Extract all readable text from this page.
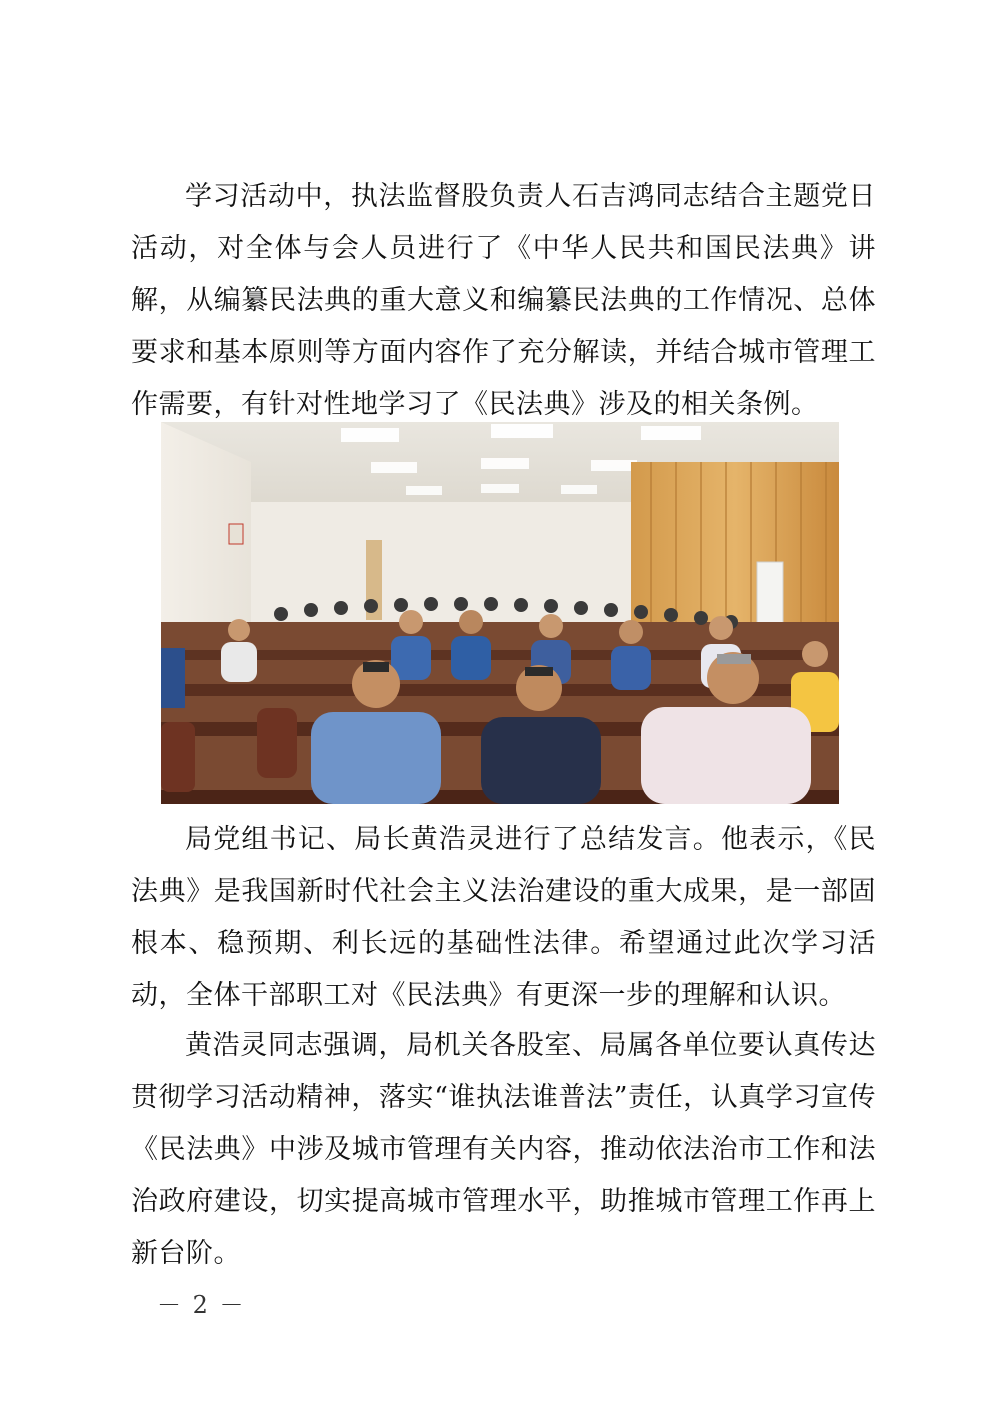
学习活动中，执法监督股负责人石吉鸿同志结合主题党日活动，对全体与会人员进行了《中华人民共和国民法典》讲解，从编纂民法典的重大意义和编纂民法典的工作情况、总体要求和基本原则等方面内容作了充分解读，并结合城市管理工作需要，有针对性地学习了《民法典》涉及的相关条例。

局党组书记、局长黄浩灵进行了总结发言。他表示，《民法典》是我国新时代社会主义法治建设的重大成果，是一部固根本、稳预期、利长远的基础性法律。希望通过此次学习活动，全体干部职工对《民法典》有更深一步的理解和认识。

黄浩灵同志强调，局机关各股室、局属各单位要认真传达贯彻学习活动精神，落实“谁执法谁普法”责任，认真学习宣传《民法典》中涉及城市管理有关内容，推动依法治市工作和法治政府建设，切实提高城市管理水平，助推城市管理工作再上新台阶。

－ 2 －
